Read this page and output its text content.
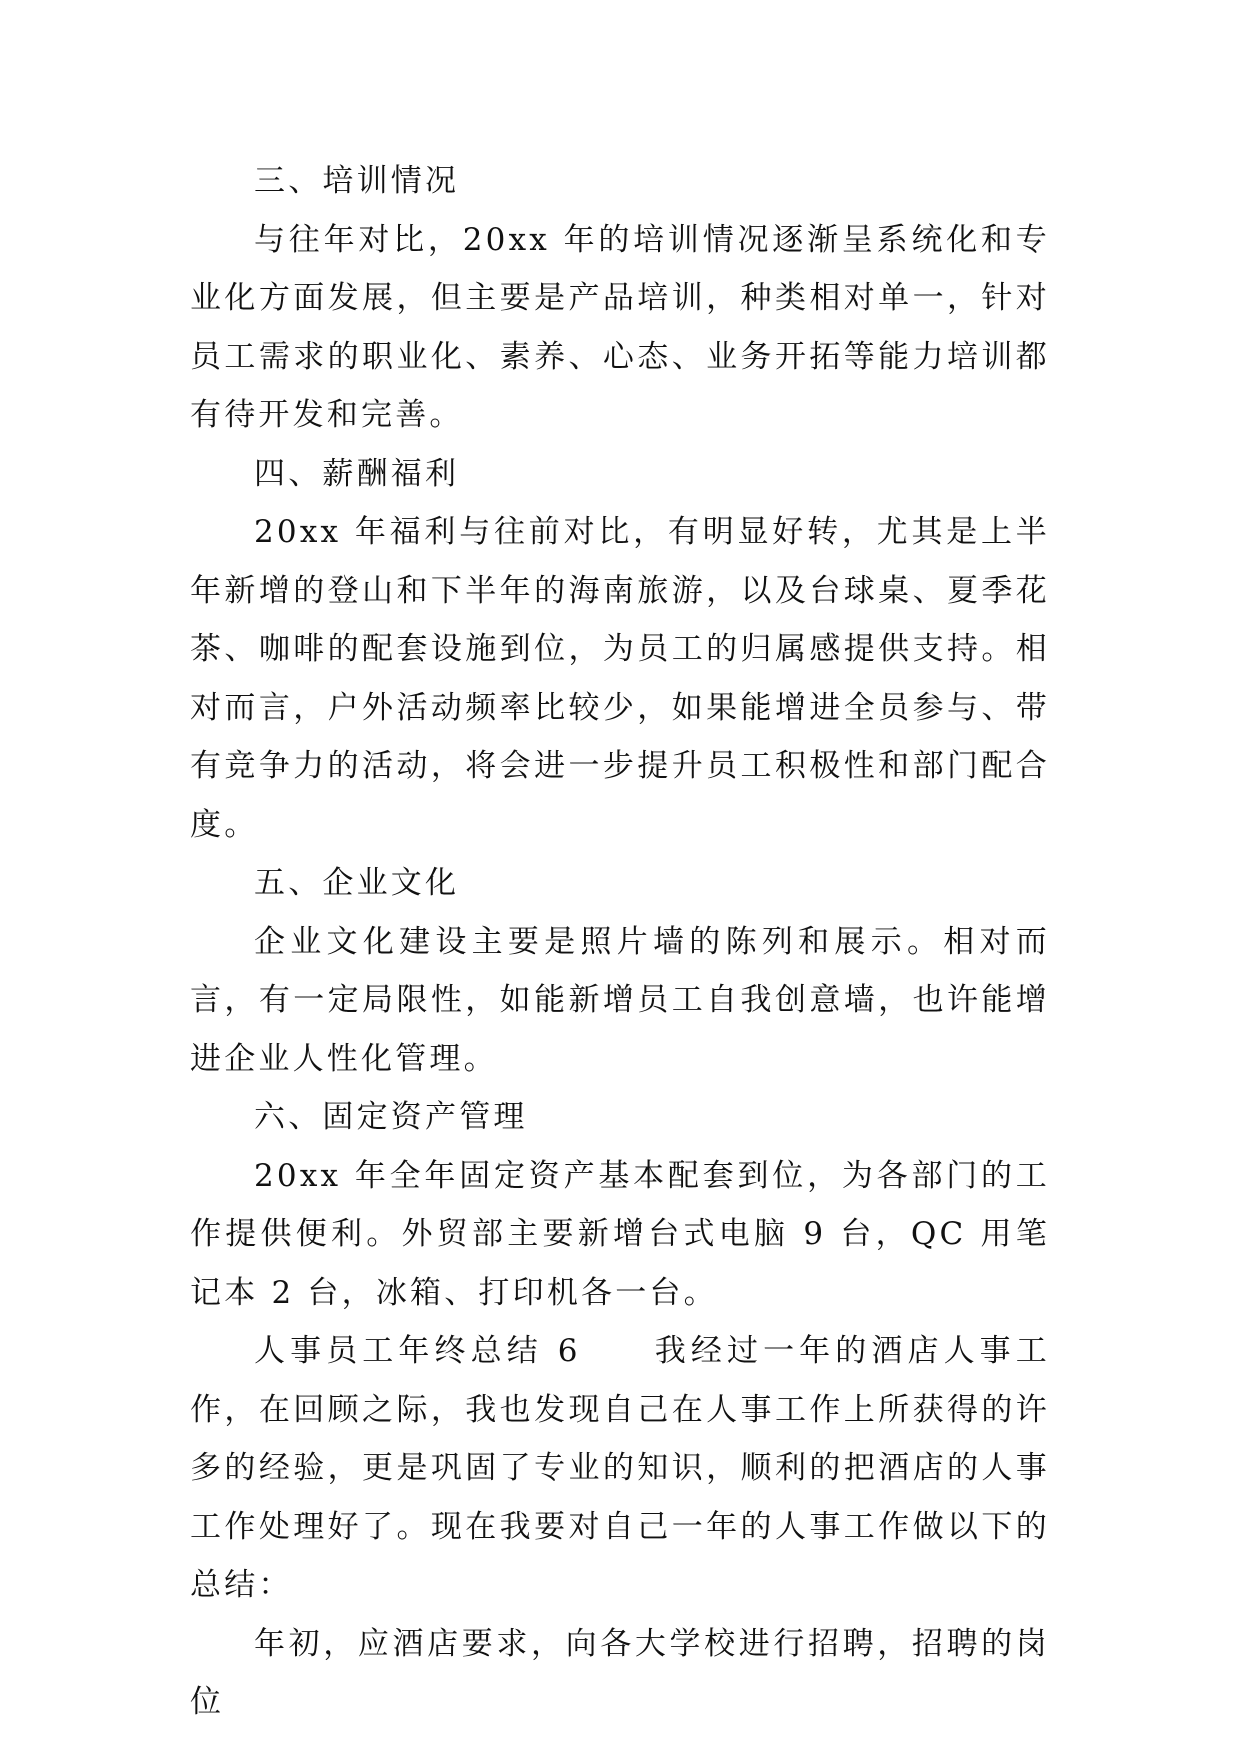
三、培训情况

与往年对比，20xx 年的培训情况逐渐呈系统化和专业化方面发展，但主要是产品培训，种类相对单一，针对员工需求的职业化、素养、心态、业务开拓等能力培训都有待开发和完善。

四、薪酬福利

20xx 年福利与往前对比，有明显好转，尤其是上半年新增的登山和下半年的海南旅游，以及台球桌、夏季花茶、咖啡的配套设施到位，为员工的归属感提供支持。相对而言，户外活动频率比较少，如果能增进全员参与、带有竞争力的活动，将会进一步提升员工积极性和部门配合度。

五、企业文化

企业文化建设主要是照片墙的陈列和展示。相对而言，有一定局限性，如能新增员工自我创意墙，也许能增进企业人性化管理。

六、固定资产管理

20xx 年全年固定资产基本配套到位，为各部门的工作提供便利。外贸部主要新增台式电脑 9 台，QC 用笔记本 2 台，冰箱、打印机各一台。

人事员工年终总结 6　　我经过一年的酒店人事工作，在回顾之际，我也发现自己在人事工作上所获得的许多的经验，更是巩固了专业的知识，顺利的把酒店的人事工作处理好了。现在我要对自己一年的人事工作做以下的总结：

年初，应酒店要求，向各大学校进行招聘，招聘的岗位
